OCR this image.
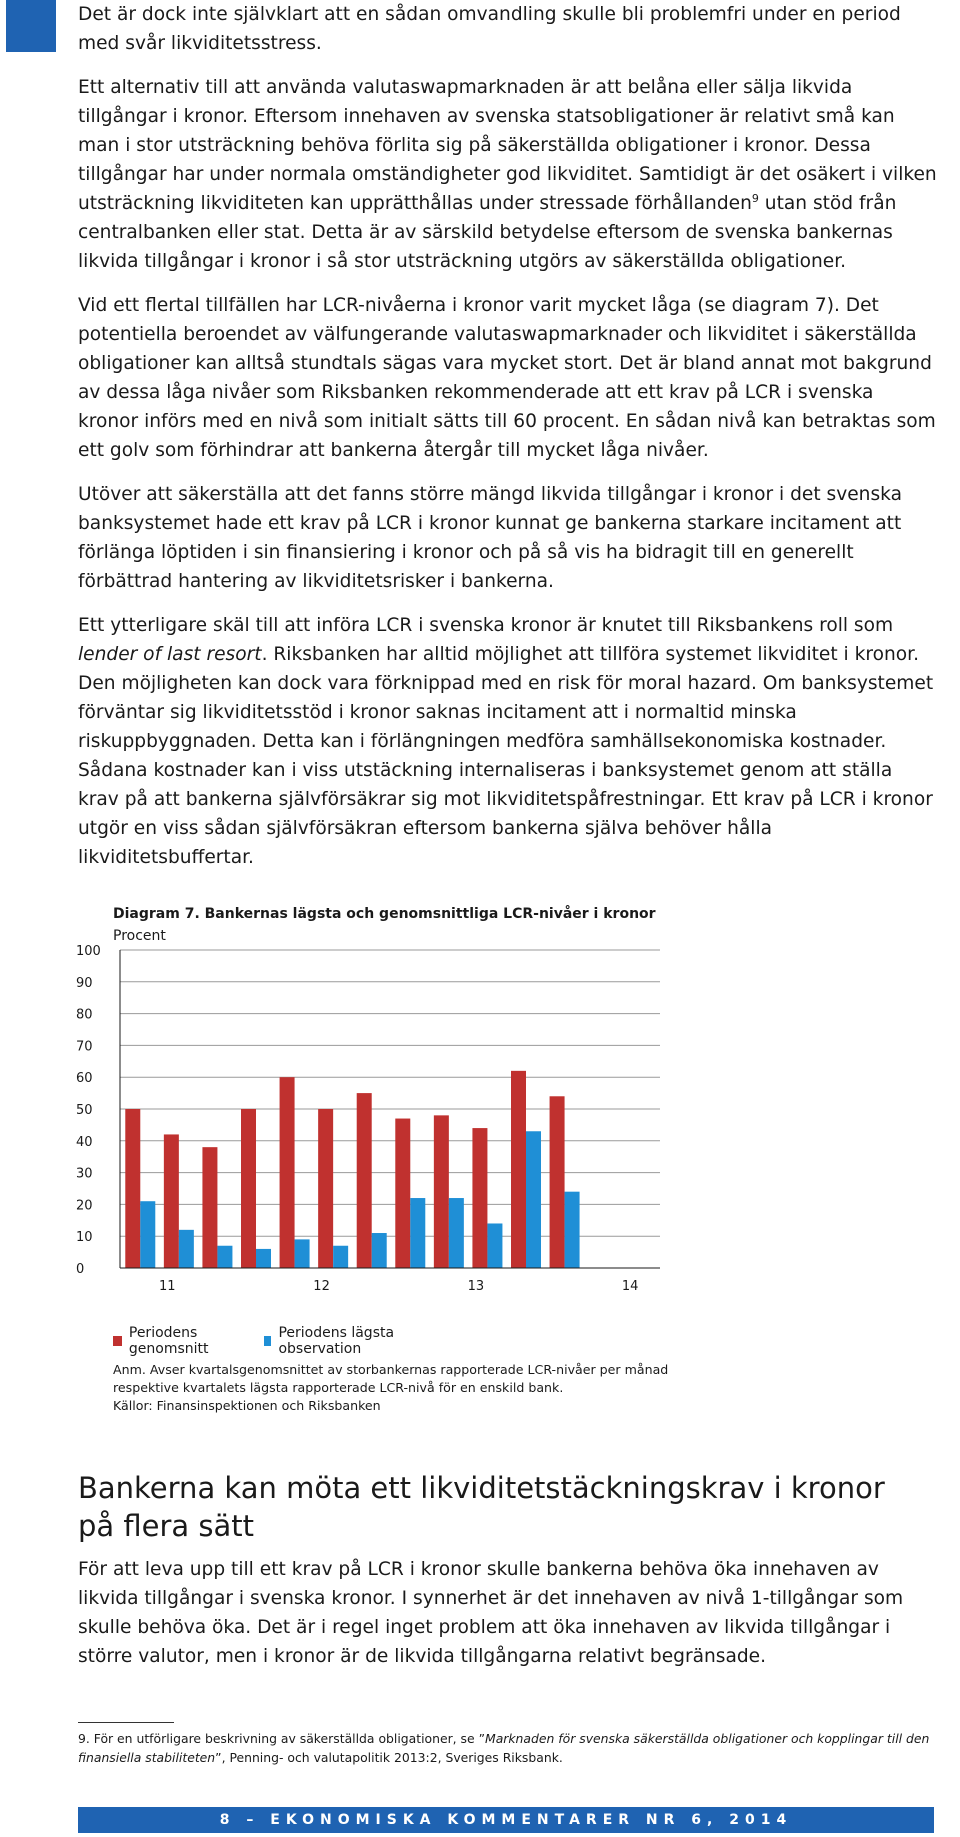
Det är dock inte självklart att en sådan omvandling skulle bli problemfri under en period med svår likviditetsstress.

Ett alternativ till att använda valutaswapmarknaden är att belåna eller sälja likvida tillgångar i kronor. Eftersom innehaven av svenska statsobligationer är relativt små kan man i stor utsträckning behöva förlita sig på säkerställda obligationer i kronor. Dessa tillgångar har under normala omständigheter god likviditet. Samtidigt är det osäkert i vilken utsträckning likviditeten kan upprätthållas under stressade förhållanden$^9$ utan stöd från centralbanken eller stat. Detta är av särskild betydelse eftersom de svenska bankernas likvida tillgångar i kronor i så stor utsträckning utgörs av säkerställda obligationer.

Vid ett flertal tillfällen har LCR-nivåerna i kronor varit mycket låga (se diagram 7). Det potentiella beroendet av välfungerande valutaswapmarknader och likviditet i säkerställda obligationer kan alltså stundtals sägas vara mycket stort. Det är bland annat mot bakgrund av dessa låga nivåer som Riksbanken rekommenderade att ett krav på LCR i svenska kronor införs med en nivå som initialt sätts till 60 procent. En sådan nivå kan betraktas som ett golv som förhindrar att bankerna återgår till mycket låga nivåer.

Utöver att säkerställa att det fanns större mängd likvida tillgångar i kronor i det svenska banksystemet hade ett krav på LCR i kronor kunnat ge bankerna starkare incitament att förlänga löptiden i sin finansiering i kronor och på så vis ha bidragit till en generellt förbättrad hantering av likviditetsrisker i bankerna.

Ett ytterligare skäl till att införa LCR i svenska kronor är knutet till Riksbankens roll som lender of last resort. Riksbanken har alltid möjlighet att tillföra systemet likviditet i kronor. Den möjligheten kan dock vara förknippad med en risk för moral hazard. Om banksystemet förväntar sig likviditetsstöd i kronor saknas incitament att i normaltid minska riskuppbyggnaden. Detta kan i förlängningen medföra samhällsekonomiska kostnader. Sådana kostnader kan i viss utstäckning internaliseras i banksystemet genom att ställa krav på att bankerna självförsäkrar sig mot likviditetspåfrestningar. Ett krav på LCR i kronor utgör en viss sådan självförsäkran eftersom bankerna själva behöver hålla likviditetsbuffertar.

Diagram 7. Bankernas lägsta och genomsnittliga LCR-nivåer i kronor
Procent
0
10
20
30
40
50
60
70
80
90
100
11	12	13	14
Periodens genomsnitt
Periodens lägsta observation
Anm. Avser kvartalsgenomsnittet av storbankernas rapporterade LCR-nivåer per månad respektive kvartalets lägsta rapporterade LCR-nivå för en enskild bank.
Källor: Finansinspektionen och Riksbanken
Bankerna kan möta ett likviditetstäckningskrav i kronor på flera sätt

För att leva upp till ett krav på LCR i kronor skulle bankerna behöva öka innehaven av likvida tillgångar i svenska kronor. I synnerhet är det innehaven av nivå 1-tillgångar som skulle behöva öka. Det är i regel inget problem att öka innehaven av likvida tillgångar i större valutor, men i kronor är de likvida tillgångarna relativt begränsade.

9. För en utförligare beskrivning av säkerställda obligationer, se ”Marknaden för svenska säkerställda obligationer och kopplingar till den finansiella stabiliteten”, Penning- och valutapolitik 2013:2, Sveriges Riksbank.
8 – EKONOMISKA KOMMENTARER NR 6, 2014
